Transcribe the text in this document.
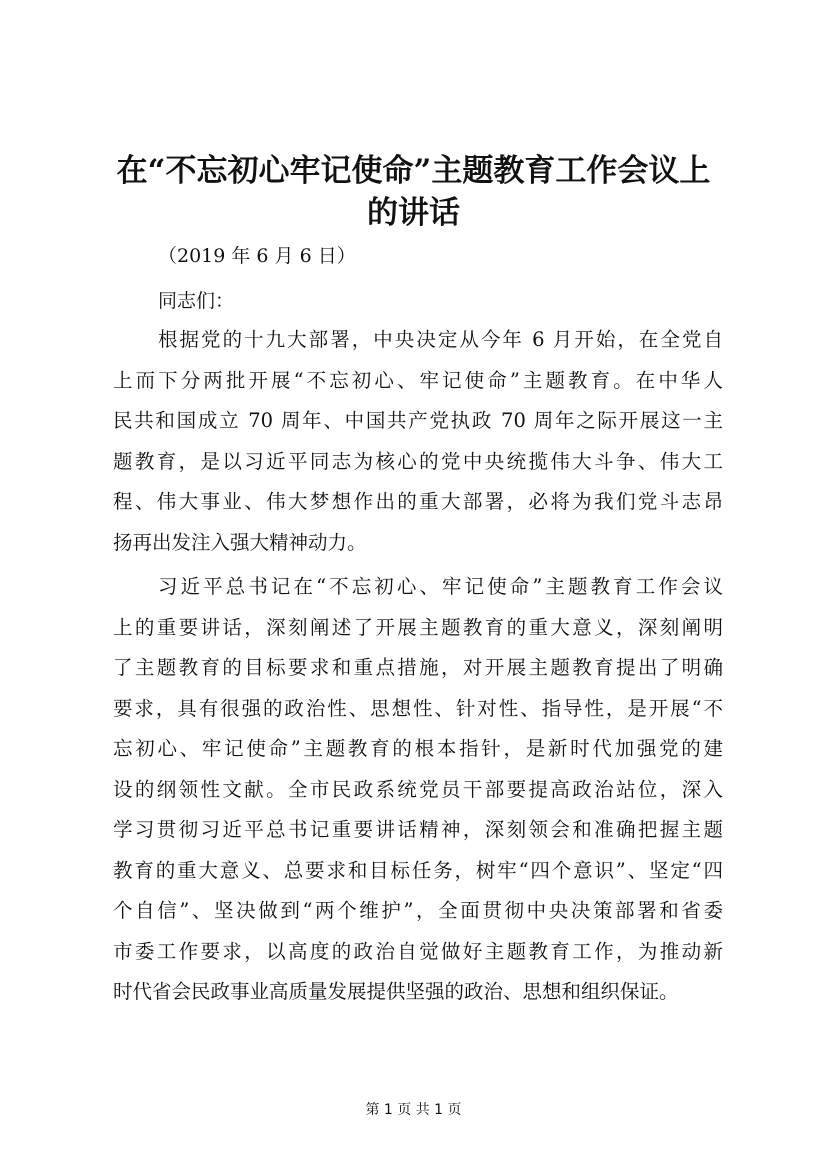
在“不忘初心牢记使命”主题教育工作会议上
的讲话

（2019 年 6 月 6 日）

同志们：

根据党的十九大部署，中央决定从今年 6 月开始，在全党自
上而下分两批开展“不忘初心、牢记使命”主题教育。在中华人
民共和国成立 70 周年、中国共产党执政 70 周年之际开展这一主
题教育，是以习近平同志为核心的党中央统揽伟大斗争、伟大工
程、伟大事业、伟大梦想作出的重大部署，必将为我们党斗志昂
扬再出发注入强大精神动力。
习近平总书记在“不忘初心、牢记使命”主题教育工作会议
上的重要讲话，深刻阐述了开展主题教育的重大意义，深刻阐明
了主题教育的目标要求和重点措施，对开展主题教育提出了明确
要求，具有很强的政治性、思想性、针对性、指导性，是开展“不
忘初心、牢记使命”主题教育的根本指针，是新时代加强党的建
设的纲领性文献。全市民政系统党员干部要提高政治站位，深入
学习贯彻习近平总书记重要讲话精神，深刻领会和准确把握主题
教育的重大意义、总要求和目标任务，树牢“四个意识”、坚定“四
个自信”、坚决做到“两个维护”，全面贯彻中央决策部署和省委
市委工作要求，以高度的政治自觉做好主题教育工作，为推动新
时代省会民政事业高质量发展提供坚强的政治、思想和组织保证。

第 1 页 共 1 页
